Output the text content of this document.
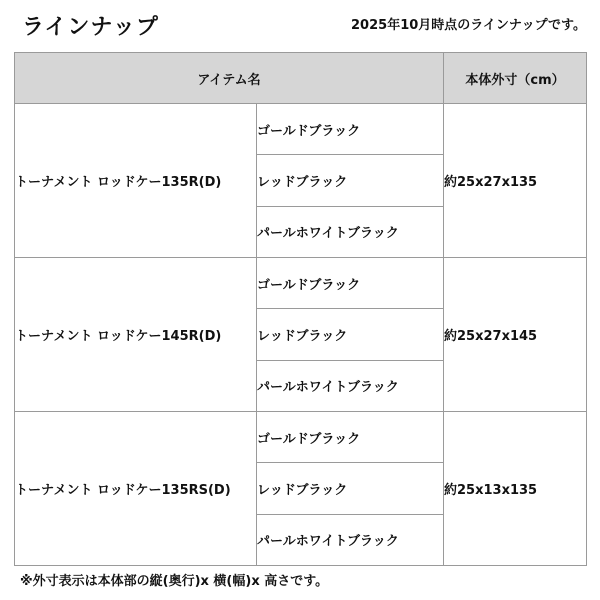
ラインナップ	2025年10月時点のラインナップです。
アイテム名		本体外寸（cm）
トーナメント ロッドケー135R(D)	ゴールドブラック	約25x27x135
	レッドブラック	
	パールホワイトブラック	
トーナメント ロッドケー145R(D)	ゴールドブラック	約25x27x145
	レッドブラック	
	パールホワイトブラック	
トーナメント ロッドケー135RS(D)	ゴールドブラック	約25x13x135
	レッドブラック	
	パールホワイトブラック	
※外寸表示は本体部の縦(奥行)x 横(幅)x 高さです。
